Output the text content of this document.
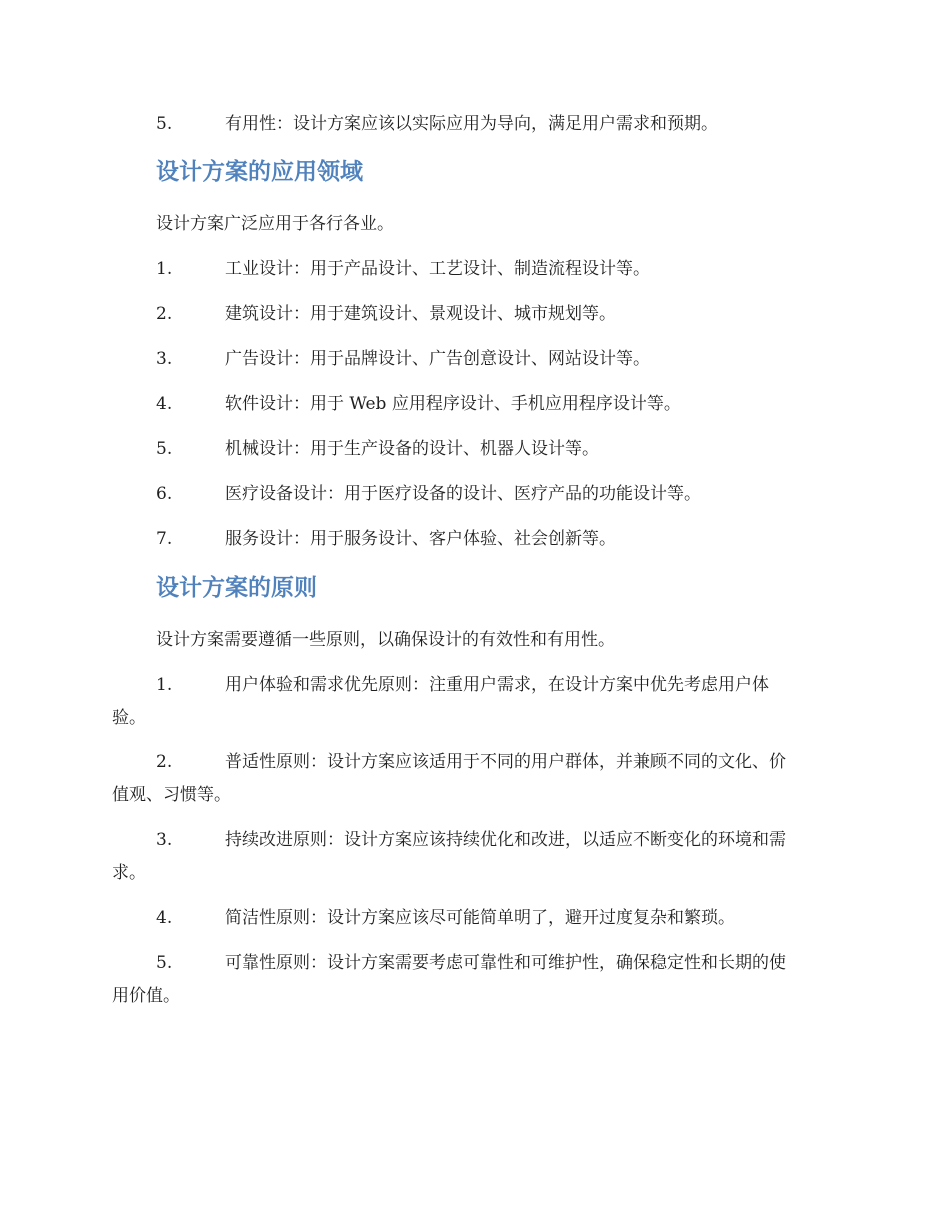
5.	有用性：设计方案应该以实际应用为导向，满足用户需求和预期。
设计方案的应用领域
设计方案广泛应用于各行各业。
1.	工业设计：用于产品设计、工艺设计、制造流程设计等。
2.	建筑设计：用于建筑设计、景观设计、城市规划等。
3.	广告设计：用于品牌设计、广告创意设计、网站设计等。
4.	软件设计：用于 Web 应用程序设计、手机应用程序设计等。
5.	机械设计：用于生产设备的设计、机器人设计等。
6.	医疗设备设计：用于医疗设备的设计、医疗产品的功能设计等。
7.	服务设计：用于服务设计、客户体验、社会创新等。
设计方案的原则
设计方案需要遵循一些原则，以确保设计的有效性和有用性。
1.	用户体验和需求优先原则：注重用户需求，在设计方案中优先考虑用户体
验。
2.	普适性原则：设计方案应该适用于不同的用户群体，并兼顾不同的文化、价
值观、习惯等。
3.	持续改进原则：设计方案应该持续优化和改进，以适应不断变化的环境和需
求。
4.	简洁性原则：设计方案应该尽可能简单明了，避开过度复杂和繁琐。
5.	可靠性原则：设计方案需要考虑可靠性和可维护性，确保稳定性和长期的使
用价值。
